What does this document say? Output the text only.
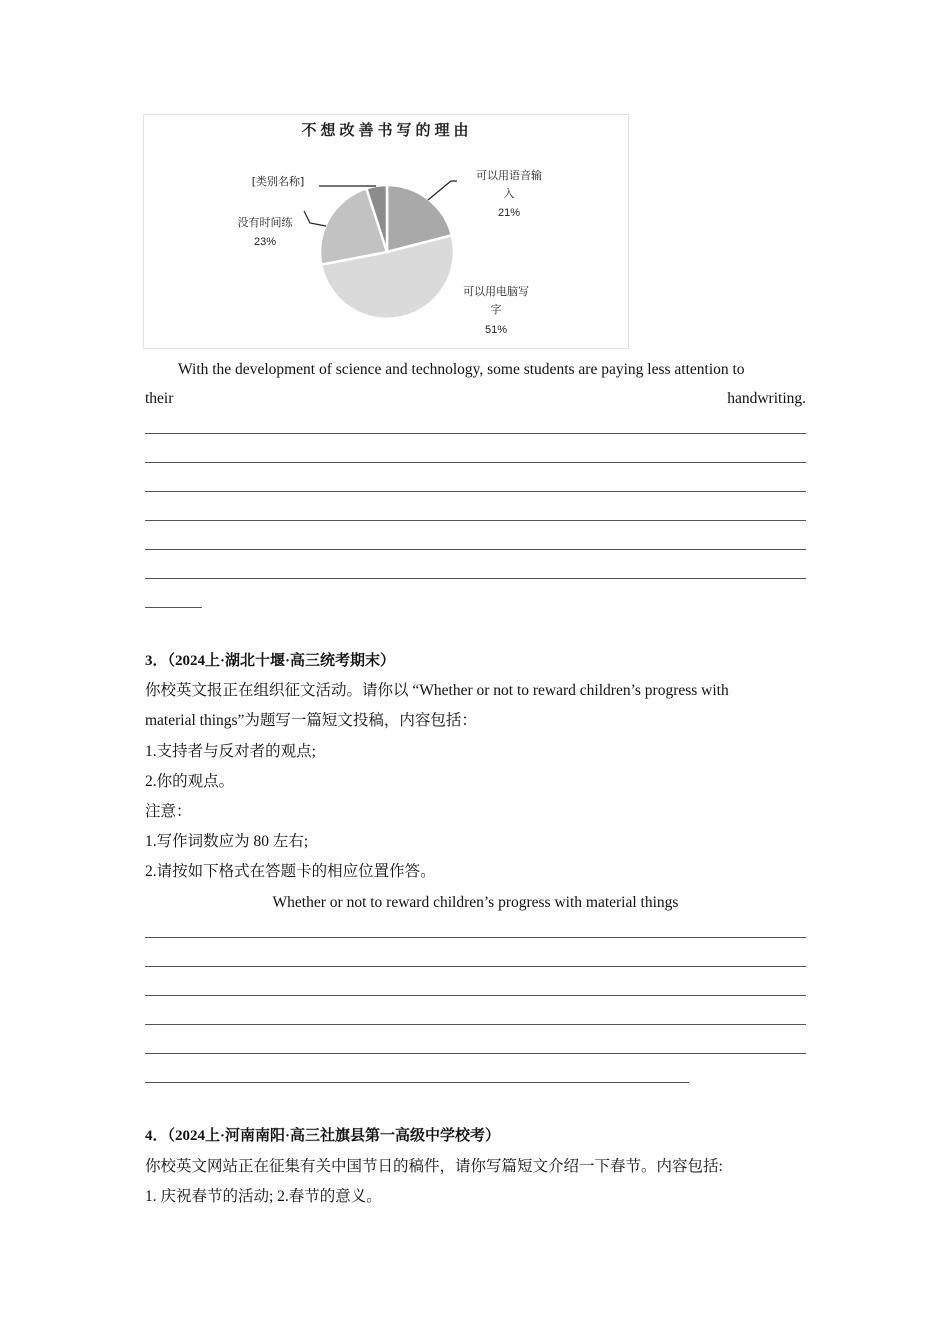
不想改善书写的理由
可以用语音输
入
21%
可以用电脑写
字
51%
没有时间练
23%
[类别名称]
With the development of science and technology, some students are paying less attention to
their	handwriting.
3．（2024上·湖北十堰·高三统考期末）
你校英文报正在组织征文活动。请你以 “Whether or not to reward children’s progress with
material things”为题写一篇短文投稿，内容包括：
1.支持者与反对者的观点;
2.你的观点。
注意：
1.写作词数应为 80 左右;
2.请按如下格式在答题卡的相应位置作答。
Whether or not to reward children’s progress with material things
4．（2024上·河南南阳·高三社旗县第一高级中学校考）
你校英文网站正在征集有关中国节日的稿件，请你写篇短文介绍一下春节。内容包括:
1. 庆祝春节的活动; 2.春节的意义。
